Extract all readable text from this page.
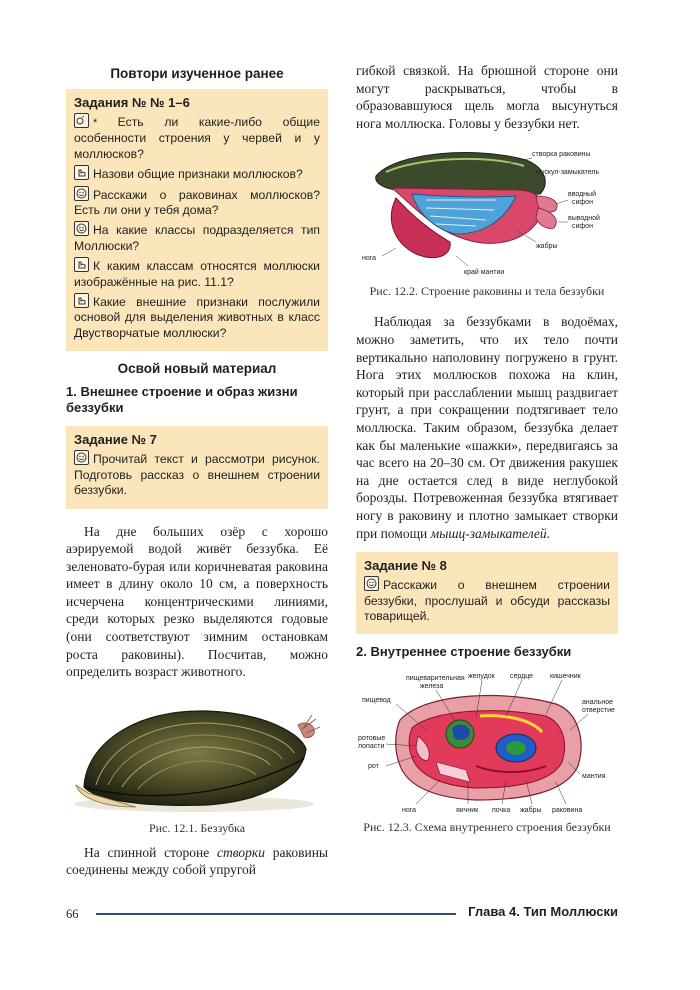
Повтори изученное ранее
Задания № № 1–6
* * Есть ли какие-либо общие особенности строения у червей и у моллюсков?
Назови общие признаки моллюсков?
Расскажи о раковинах моллюсков? Есть ли они у тебя дома?
На какие классы подразделяется тип Моллюски?
К каким классам относятся моллюски изображённые на рис. 11.1?
Какие внешние признаки послужили основой для выделения животных в класс Двустворчатые моллюски?
Освой новый материал
1. Внешнее строение и образ жизни беззубки
Задание № 7
Прочитай текст и рассмотри рисунок. Подготовь рассказ о внешнем строении беззубки.

На дне больших озёр с хорошо аэрируемой водой живёт беззубка. Её зеленовато-бурая или коричневатая раковина имеет в длину около 10 см, а поверхность исчерчена концентрическими линиями, среди которых резко выделяются годовые (они соответствуют зимним остановкам роста раковины). Посчитав, можно определить возраст животного.

Рис. 12.1. Беззубка

На спинной стороне створки раковины соединены между собой упругой

гибкой связкой. На брюшной стороне они могут раскрываться, чтобы в образовавшуюся щель могла высунуться нога моллюска. Головы у беззубки нет.

створка раковины
мускул-замыкатель
вводный
сифон
выводной
сифон
жабры
нога
край мантии
Рис. 12.2. Строение раковины и тела беззубки

Наблюдая за беззубками в водоёмах, можно заметить, что их тело почти вертикально наполовину погружено в грунт. Нога этих моллюсков похожа на клин, который при расслаблении мышц раздвигает грунт, а при сокращении подтягивает тело моллюска. Таким образом, беззубка делает как бы маленькие «шажки», передвигаясь за час всего на 20–30 см. От движения ракушек на дне остается след в виде неглубокой борозды. Потревоженная беззубка втягивает ногу в раковину и плотно замыкает створки при помощи мышц-замыкателей.

Задание № 8
Расскажи о внешнем строении беззубки, прослушай и обсуди рассказы товарищей.
2. Внутреннее строение беззубки
пищеварительная
железа
желудок сердце кишечник
пищевод	анальное
отверстие
ротовые
лопасти
рот
мантия
нога	яичник почка жабры раковина
Рис. 12.3. Схема внутреннего строения беззубки
66	Глава 4. Тип Моллюски
